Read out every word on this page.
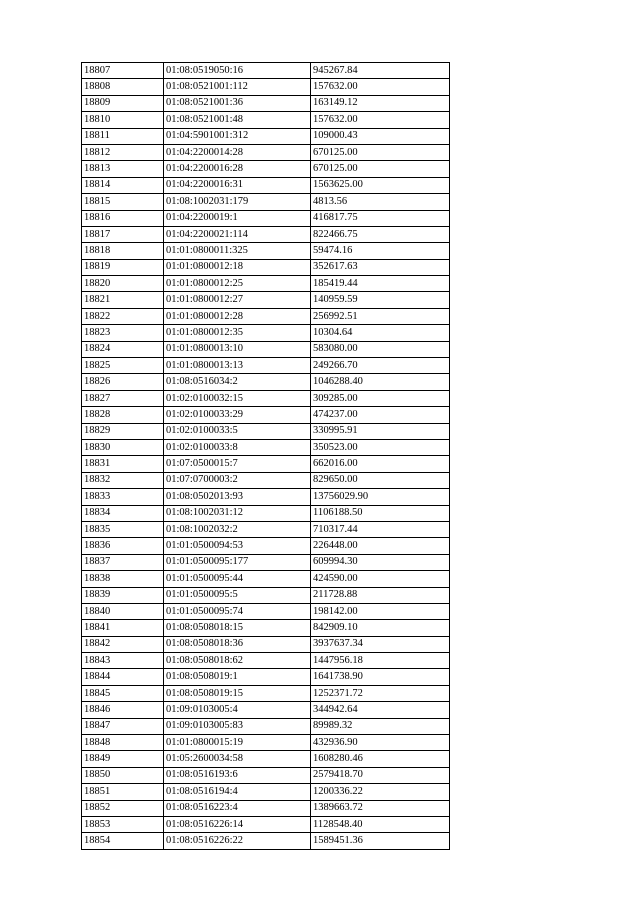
18807	01:08:0519050:16	945267.84
18808	01:08:0521001:112	157632.00
18809	01:08:0521001:36	163149.12
18810	01:08:0521001:48	157632.00
18811	01:04:5901001:312	109000.43
18812	01:04:2200014:28	670125.00
18813	01:04:2200016:28	670125.00
18814	01:04:2200016:31	1563625.00
18815	01:08:1002031:179	4813.56
18816	01:04:2200019:1	416817.75
18817	01:04:2200021:114	822466.75
18818	01:01:0800011:325	59474.16
18819	01:01:0800012:18	352617.63
18820	01:01:0800012:25	185419.44
18821	01:01:0800012:27	140959.59
18822	01:01:0800012:28	256992.51
18823	01:01:0800012:35	10304.64
18824	01:01:0800013:10	583080.00
18825	01:01:0800013:13	249266.70
18826	01:08:0516034:2	1046288.40
18827	01:02:0100032:15	309285.00
18828	01:02:0100033:29	474237.00
18829	01:02:0100033:5	330995.91
18830	01:02:0100033:8	350523.00
18831	01:07:0500015:7	662016.00
18832	01:07:0700003:2	829650.00
18833	01:08:0502013:93	13756029.90
18834	01:08:1002031:12	1106188.50
18835	01:08:1002032:2	710317.44
18836	01:01:0500094:53	226448.00
18837	01:01:0500095:177	609994.30
18838	01:01:0500095:44	424590.00
18839	01:01:0500095:5	211728.88
18840	01:01:0500095:74	198142.00
18841	01:08:0508018:15	842909.10
18842	01:08:0508018:36	3937637.34
18843	01:08:0508018:62	1447956.18
18844	01:08:0508019:1	1641738.90
18845	01:08:0508019:15	1252371.72
18846	01:09:0103005:4	344942.64
18847	01:09:0103005:83	89989.32
18848	01:01:0800015:19	432936.90
18849	01:05:2600034:58	1608280.46
18850	01:08:0516193:6	2579418.70
18851	01:08:0516194:4	1200336.22
18852	01:08:0516223:4	1389663.72
18853	01:08:0516226:14	1128548.40
18854	01:08:0516226:22	1589451.36
